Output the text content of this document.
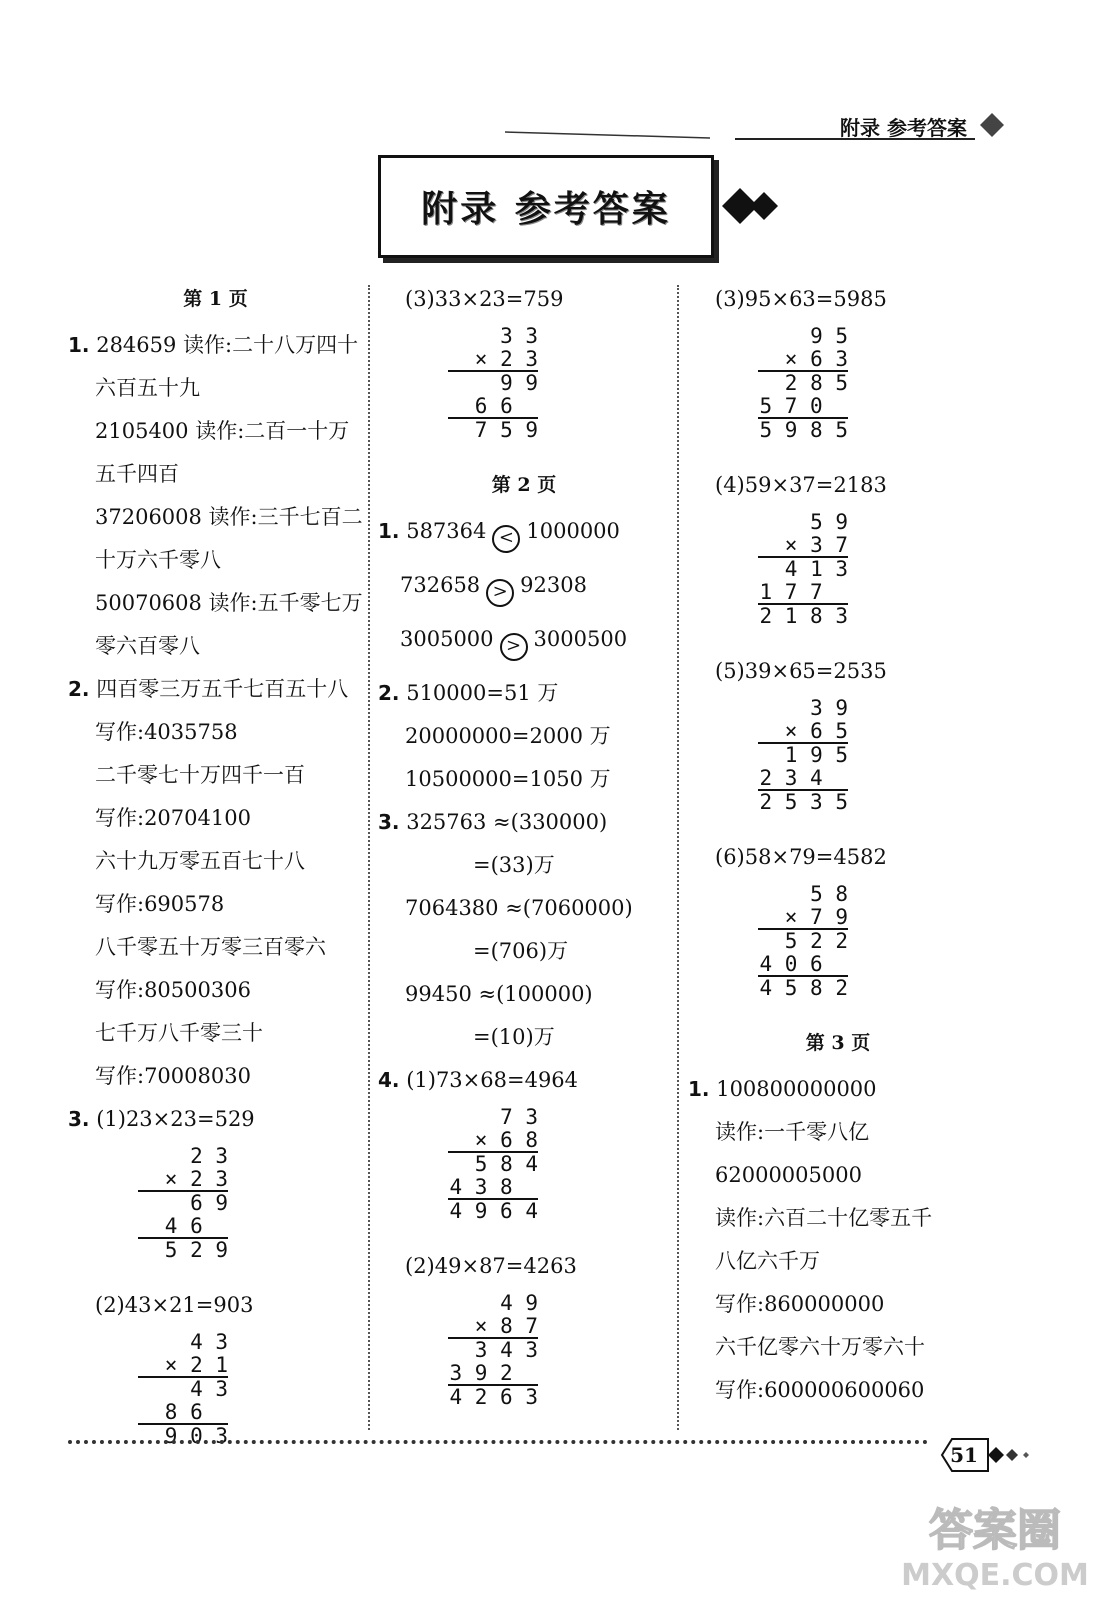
附录 参考答案
附录 参考答案
第 1 页
1. 284659 读作:二十八万四十
六百五十九
2105400 读作:二百一十万
五千四百
37206008 读作:三千七百二
十万六千零八
50070608 读作:五千零七万
零六百零八
2. 四百零三万五千七百五十八
写作:4035758
二千零七十万四千一百
写作:20704100
六十九万零五百七十八
写作:690578
八千零五十万零三百零六
写作:80500306
七千万八千零三十
写作:70008030
3. (1)23×23=529
2 3
× 2 3
6 9
4 6
5 2 9
(2)43×21=903
4 3
× 2 1
4 3
8 6
9 0 3
(3)33×23=759
3 3
× 2 3
9 9
6 6
7 5 9
第 2 页
1. 587364 < 1000000
732658 > 92308
3005000 > 3000500
2. 510000=51 万
20000000=2000 万
10500000=1050 万
3. 325763 ≈(330000)
=(33)万
7064380 ≈(7060000)
=(706)万
99450 ≈(100000)
=(10)万
4. (1)73×68=4964
7 3
× 6 8
5 8 4
4 3 8
4 9 6 4
(2)49×87=4263
4 9
× 8 7
3 4 3
3 9 2
4 2 6 3
(3)95×63=5985
9 5
× 6 3
2 8 5
5 7 0
5 9 8 5
(4)59×37=2183
5 9
× 3 7
4 1 3
1 7 7
2 1 8 3
(5)39×65=2535
3 9
× 6 5
1 9 5
2 3 4
2 5 3 5
(6)58×79=4582
5 8
× 7 9
5 2 2
4 0 6
4 5 8 2
第 3 页
1. 100800000000
读作:一千零八亿
62000005000
读作:六百二十亿零五千
八亿六千万
写作:860000000
六千亿零六十万零六十
写作:600000600060
51
答案圈
MXQE.COM
